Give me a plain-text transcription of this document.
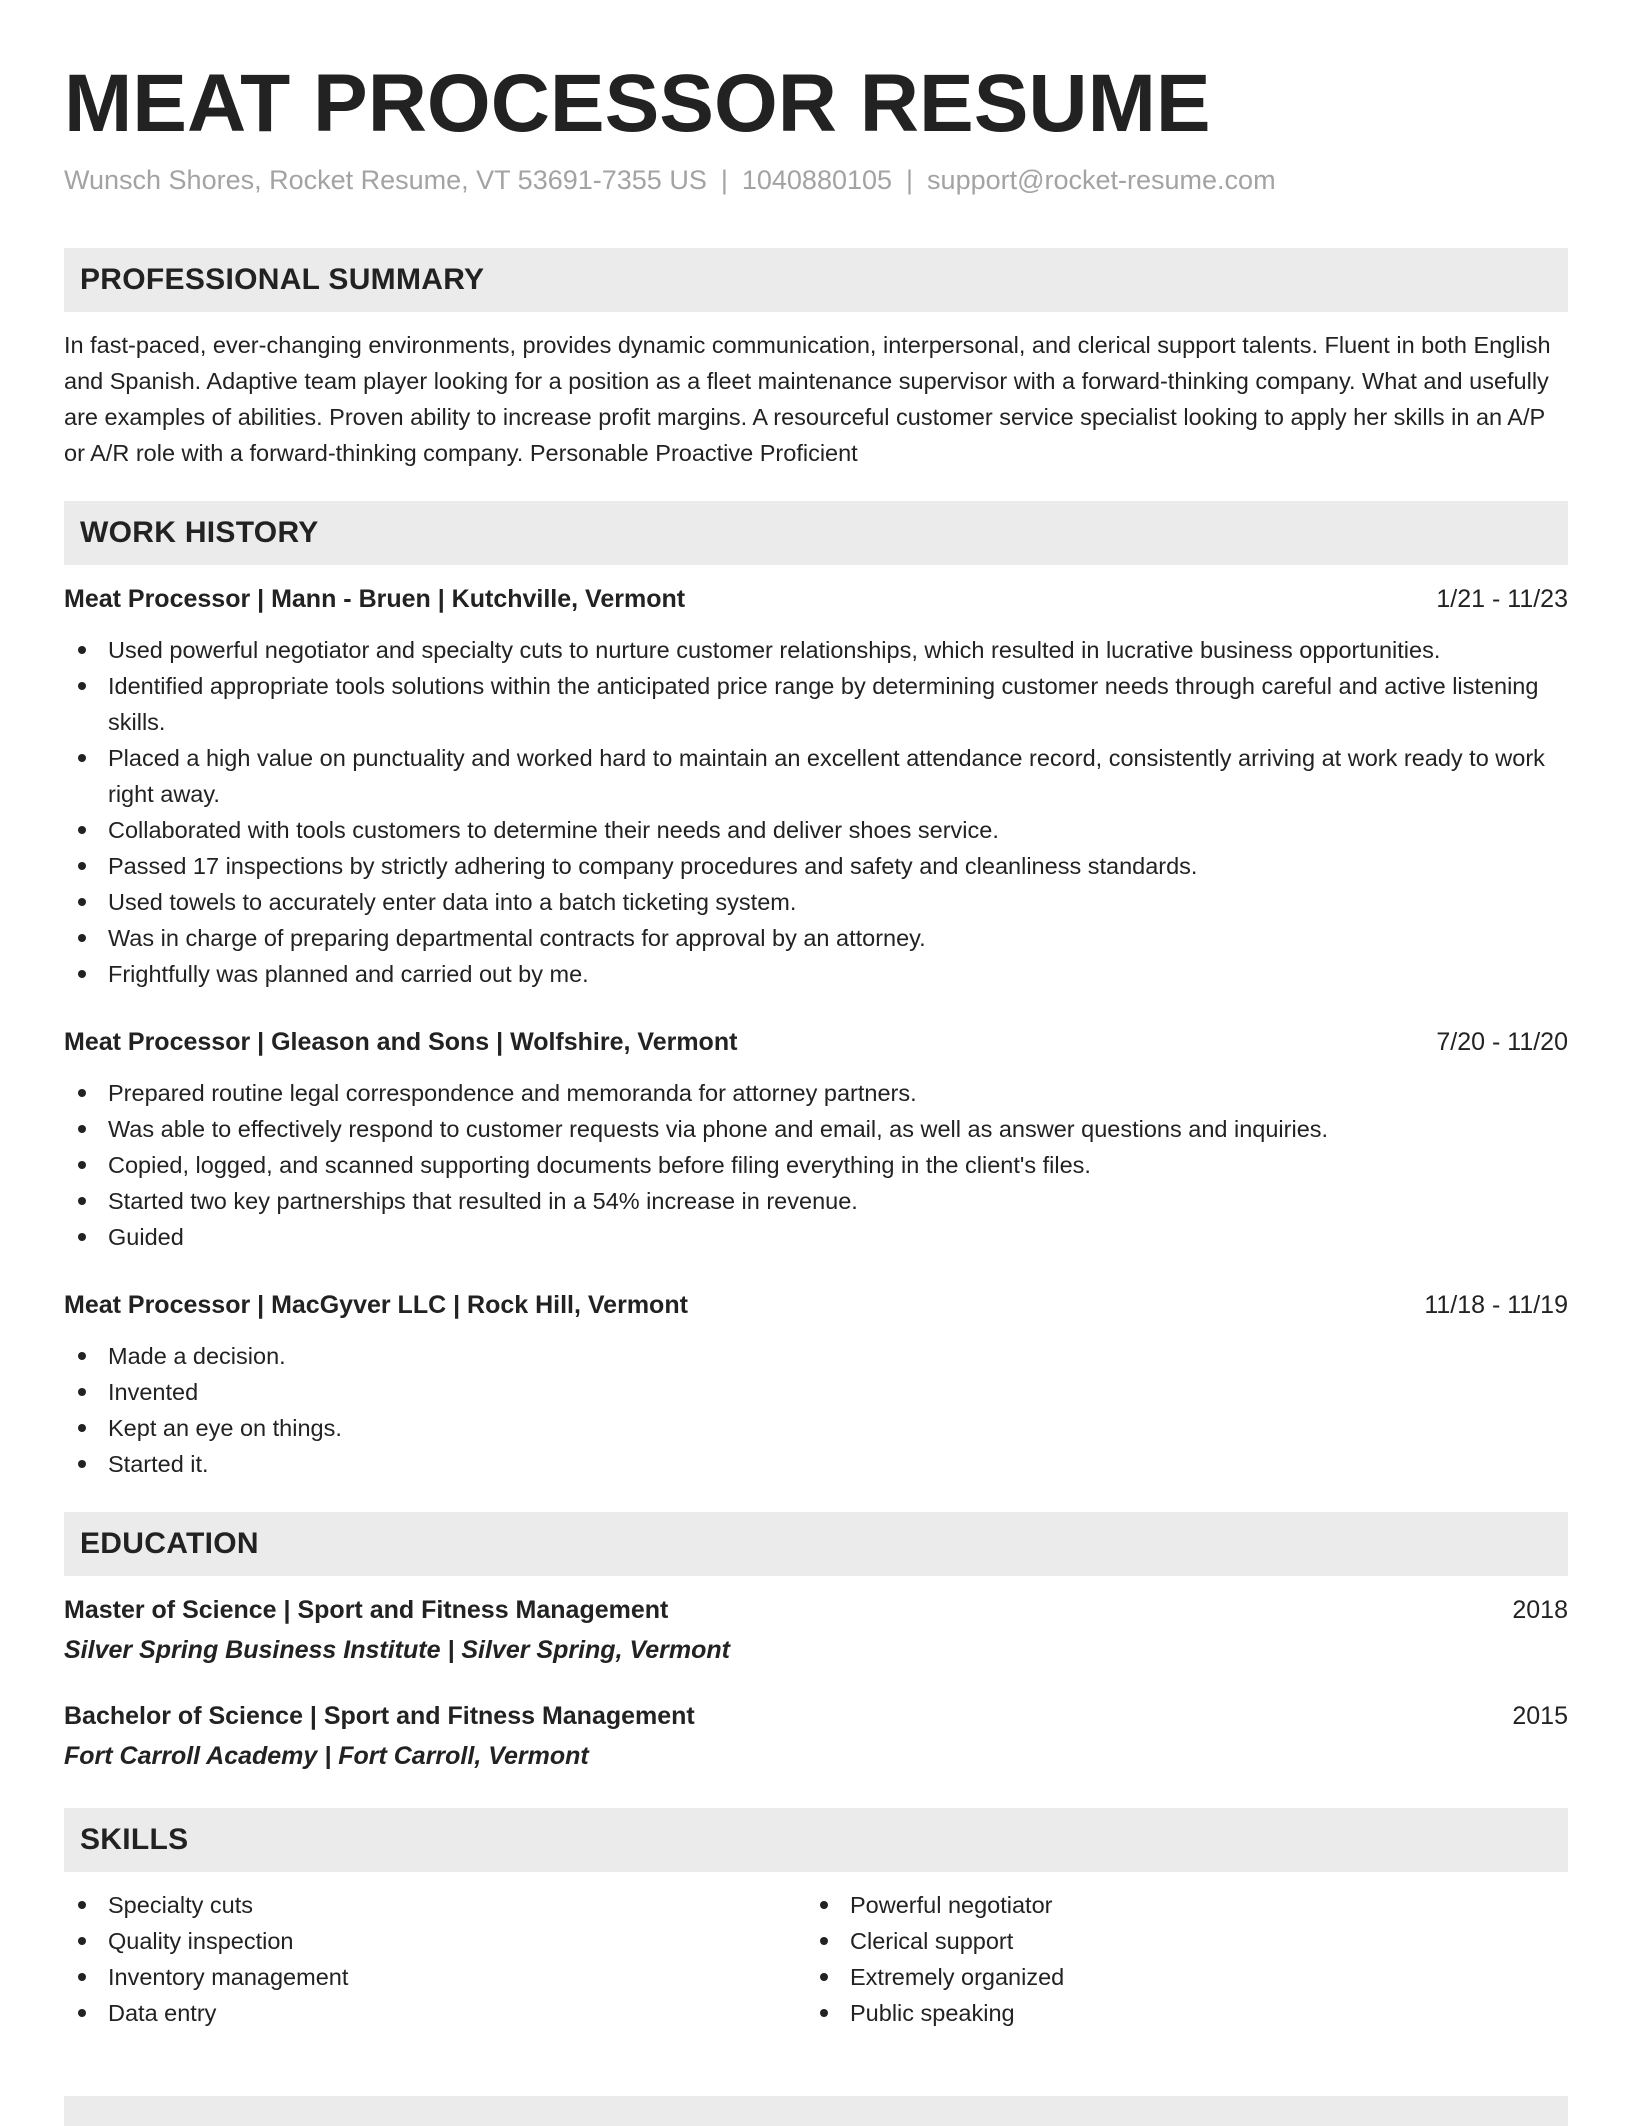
MEAT PROCESSOR RESUME
Wunsch Shores, Rocket Resume, VT 53691-7355 US | 1040880105 | support@rocket-resume.com
PROFESSIONAL SUMMARY
In fast-paced, ever-changing environments, provides dynamic communication, interpersonal, and clerical support talents. Fluent in both English and Spanish. Adaptive team player looking for a position as a fleet maintenance supervisor with a forward-thinking company. What and usefully are examples of abilities. Proven ability to increase profit margins. A resourceful customer service specialist looking to apply her skills in an A/P or A/R role with a forward-thinking company. Personable Proactive Proficient
WORK HISTORY
Meat Processor | Mann - Bruen | Kutchville, Vermont	1/21 - 11/23
Used powerful negotiator and specialty cuts to nurture customer relationships, which resulted in lucrative business opportunities.
Identified appropriate tools solutions within the anticipated price range by determining customer needs through careful and active listening skills.
Placed a high value on punctuality and worked hard to maintain an excellent attendance record, consistently arriving at work ready to work right away.
Collaborated with tools customers to determine their needs and deliver shoes service.
Passed 17 inspections by strictly adhering to company procedures and safety and cleanliness standards.
Used towels to accurately enter data into a batch ticketing system.
Was in charge of preparing departmental contracts for approval by an attorney.
Frightfully was planned and carried out by me.
Meat Processor | Gleason and Sons | Wolfshire, Vermont	7/20 - 11/20
Prepared routine legal correspondence and memoranda for attorney partners.
Was able to effectively respond to customer requests via phone and email, as well as answer questions and inquiries.
Copied, logged, and scanned supporting documents before filing everything in the client's files.
Started two key partnerships that resulted in a 54% increase in revenue.
Guided
Meat Processor | MacGyver LLC | Rock Hill, Vermont	11/18 - 11/19
Made a decision.
Invented
Kept an eye on things.
Started it.
EDUCATION
Master of Science | Sport and Fitness Management	2018
Silver Spring Business Institute | Silver Spring, Vermont
Bachelor of Science | Sport and Fitness Management	2015
Fort Carroll Academy | Fort Carroll, Vermont
SKILLS
Specialty cuts
Quality inspection
Inventory management
Data entry
Powerful negotiator
Clerical support
Extremely organized
Public speaking
